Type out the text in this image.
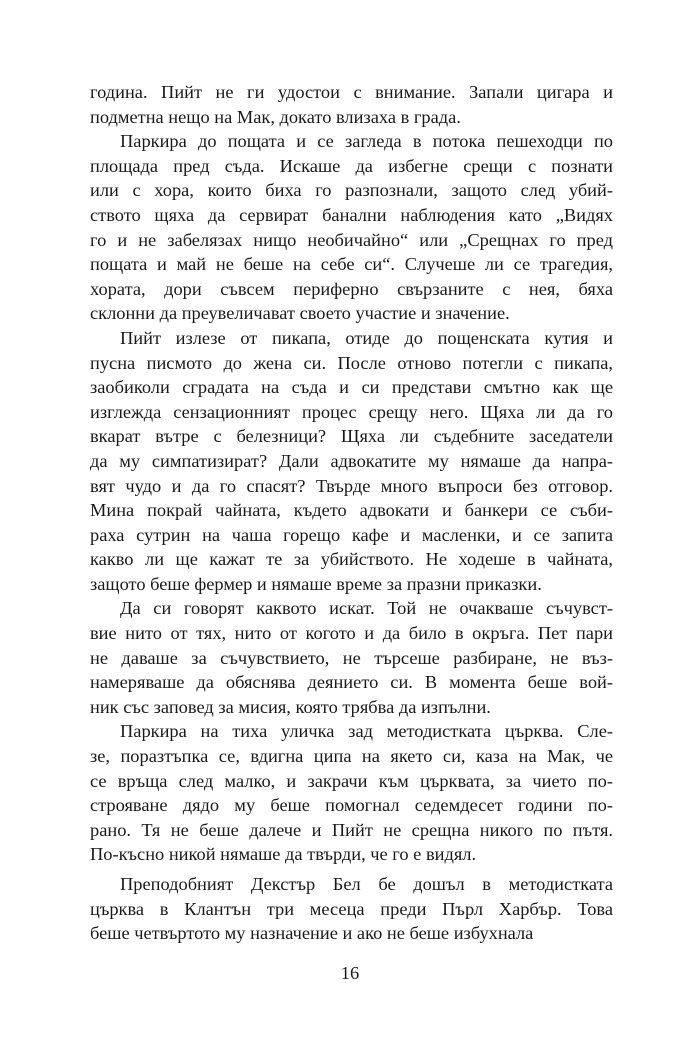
година. Пийт не ги удостои с внимание. Запали цигара и
подметна нещо на Мак, докато влизаха в града.
Паркира до пощата и се загледа в потока пешеходци по
площада пред съда. Искаше да избегне срещи с познати
или с хора, които биха го разпознали, защото след убий-
ството щяха да сервират банални наблюдения като „Видях
го и не забелязах нищо необичайно“ или „Срещнах го пред
пощата и май не беше на себе си“. Случеше ли се трагедия,
хората, дори съвсем периферно свързаните с нея, бяха
склонни да преувеличават своето участие и значение.
Пийт излезе от пикапа, отиде до пощенската кутия и
пусна писмото до жена си. После отново потегли с пикапа,
заобиколи сградата на съда и си представи смътно как ще
изглежда сензационният процес срещу него. Щяха ли да го
вкарат вътре с белезници? Щяха ли съдебните заседатели
да му симпатизират? Дали адвокатите му нямаше да напра-
вят чудо и да го спасят? Твърде много въпроси без отговор.
Мина покрай чайната, където адвокати и банкери се съби-
раха сутрин на чаша горещо кафе и масленки, и се запита
какво ли ще кажат те за убийството. Не ходеше в чайната,
защото беше фермер и нямаше време за празни приказки.
Да си говорят каквото искат. Той не очакваше съчувст-
вие нито от тях, нито от когото и да било в окръга. Пет пари
не даваше за съчувствието, не търсеше разбиране, не въз-
намеряваше да обяснява деянието си. В момента беше вой-
ник със заповед за мисия, която трябва да изпълни.
Паркира на тиха уличка зад методистката църква. Сле-
зе, поразтъпка се, вдигна ципа на якето си, каза на Мак, че
се връща след малко, и закрачи към църквата, за чието по-
строяване дядо му беше помогнал седемдесет години по-
рано. Тя не беше далече и Пийт не срещна никого по пътя.
По-късно никой нямаше да твърди, че го е видял.
Преподобният Декстър Бел бе дошъл в методистката
църква в Клантън три месеца преди Пърл Харбър. Това
беше четвъртото му назначение и ако не беше избухнала
16
